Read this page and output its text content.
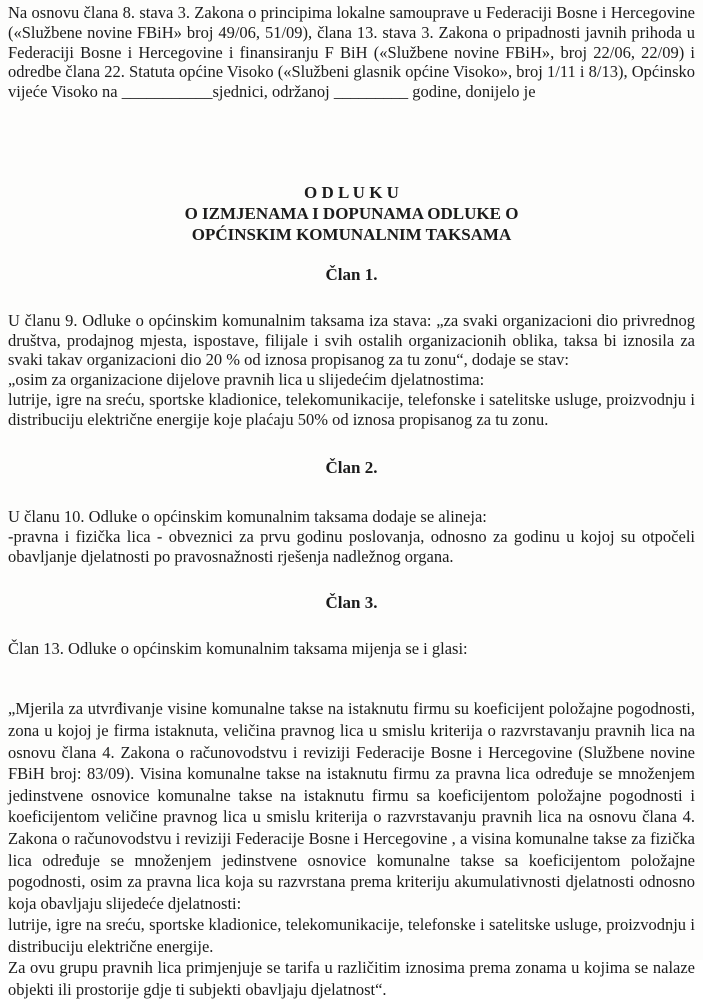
Na osnovu člana 8. stava 3. Zakona o principima lokalne samouprave u Federaciji Bosne i Hercegovine («Službene novine FBiH» broj 49/06, 51/09), člana 13. stava 3. Zakona o pripadnosti javnih prihoda u Federaciji Bosne i Hercegovine i finansiranju F BiH («Službene novine FBiH», broj 22/06, 22/09) i odredbe člana 22. Statuta općine Visoko («Službeni glasnik općine Visoko», broj 1/11 i 8/13), Općinsko vijeće Visoko na ___________sjednici, održanoj _________ godine, donijelo je

O D L U K U
O IZMJENAMA I DOPUNAMA ODLUKE O
OPĆINSKIM KOMUNALNIM TAKSAMA
Član 1.

U članu 9. Odluke o općinskim komunalnim taksama iza stava: „za svaki organizacioni dio privrednog društva, prodajnog mjesta, ispostave, filijale i svih ostalih organizacionih oblika, taksa bi iznosila za svaki takav organizacioni dio 20 % od iznosa propisanog za tu zonu“, dodaje se stav:

„osim za organizacione dijelove pravnih lica u slijedećim djelatnostima:

lutrije, igre na sreću, sportske kladionice, telekomunikacije, telefonske i satelitske usluge, proizvodnju i distribuciju električne energije koje plaćaju 50% od iznosa propisanog za tu zonu.

Član 2.

U članu 10. Odluke o općinskim komunalnim taksama dodaje se alineja:

-pravna i fizička lica - obveznici za prvu godinu poslovanja, odnosno za godinu u kojoj su otpočeli obavljanje djelatnosti po pravosnažnosti rješenja nadležnog organa.

Član 3.

Član 13. Odluke o općinskim komunalnim taksama mijenja se i glasi:

„Mjerila za utvrđivanje visine komunalne takse na istaknutu firmu su koeficijent položajne pogodnosti, zona u kojoj je firma istaknuta, veličina pravnog lica u smislu kriterija o razvrstavanju pravnih lica na osnovu člana 4. Zakona o računovodstvu i reviziji Federacije Bosne i Hercegovine (Službene novine FBiH broj: 83/09). Visina komunalne takse na istaknutu firmu za pravna lica određuje se množenjem jedinstvene osnovice komunalne takse na istaknutu firmu sa koeficijentom položajne pogodnosti i koeficijentom veličine pravnog lica u smislu kriterija o razvrstavanju pravnih lica na osnovu člana 4. Zakona o računovodstvu i reviziji Federacije Bosne i Hercegovine , a visina komunalne takse za fizička lica određuje se množenjem jedinstvene osnovice komunalne takse sa koeficijentom položajne pogodnosti, osim za pravna lica koja su razvrstana prema kriteriju akumulativnosti djelatnosti odnosno koja obavljaju slijedeće djelatnosti:

lutrije, igre na sreću, sportske kladionice, telekomunikacije, telefonske i satelitske usluge, proizvodnju i distribuciju električne energije.

Za ovu grupu pravnih lica primjenjuje se tarifa u različitim iznosima prema zonama u kojima se nalaze objekti ili prostorije gdje ti subjekti obavljaju djelatnost“.
